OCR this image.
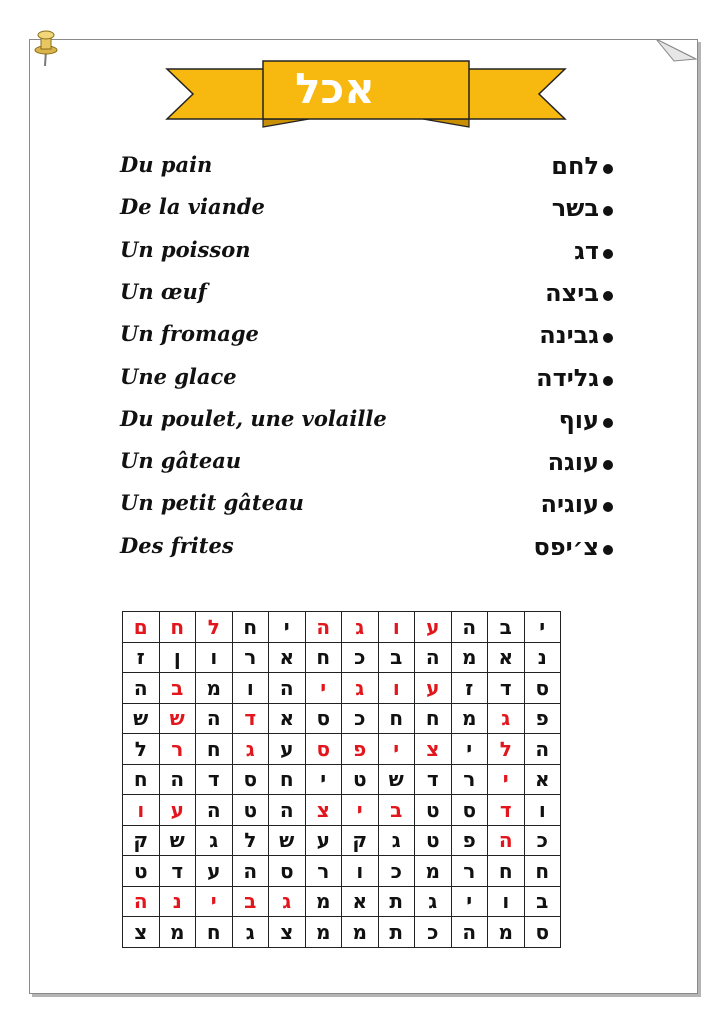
אכל
Du pain	לחם
De la viande	בשר
Un poisson	דג
Un œuf	ביצה
Un fromage	גבינה
Une glace	גלידה
Du poulet, une volaille	עוף
Un gâteau	עוגה
Un petit gâteau	עוגיה
Des frites	צ׳יפס
י	ב	ה	ע	ו	ג	ה	י	ח	ל	ח	ם
נ	א	מ	ה	ב	כ	ח	א	ר	ו	ן	ז
ס	ד	ז	ע	ו	ג	י	ה	ו	מ	ב	ה
פ	ג	מ	ח	ח	כ	ס	א	ד	ה	ש	ש
ה	ל	י	צ	י	פ	ס	ע	ג	ח	ר	ל
א	י	ר	ד	ש	ט	י	ח	ס	ד	ה	ח
ו	ד	ס	ט	ב	י	צ	ה	ט	ה	ע	ו
כ	ה	פ	ט	ג	ק	ע	ש	ל	ג	ש	ק
ח	ח	ר	מ	כ	ו	ר	ס	ה	ע	ד	ט
ב	ו	י	ג	ת	א	מ	ג	ב	י	נ	ה
ס	מ	ה	כ	ת	מ	מ	צ	ג	ח	מ	צ
